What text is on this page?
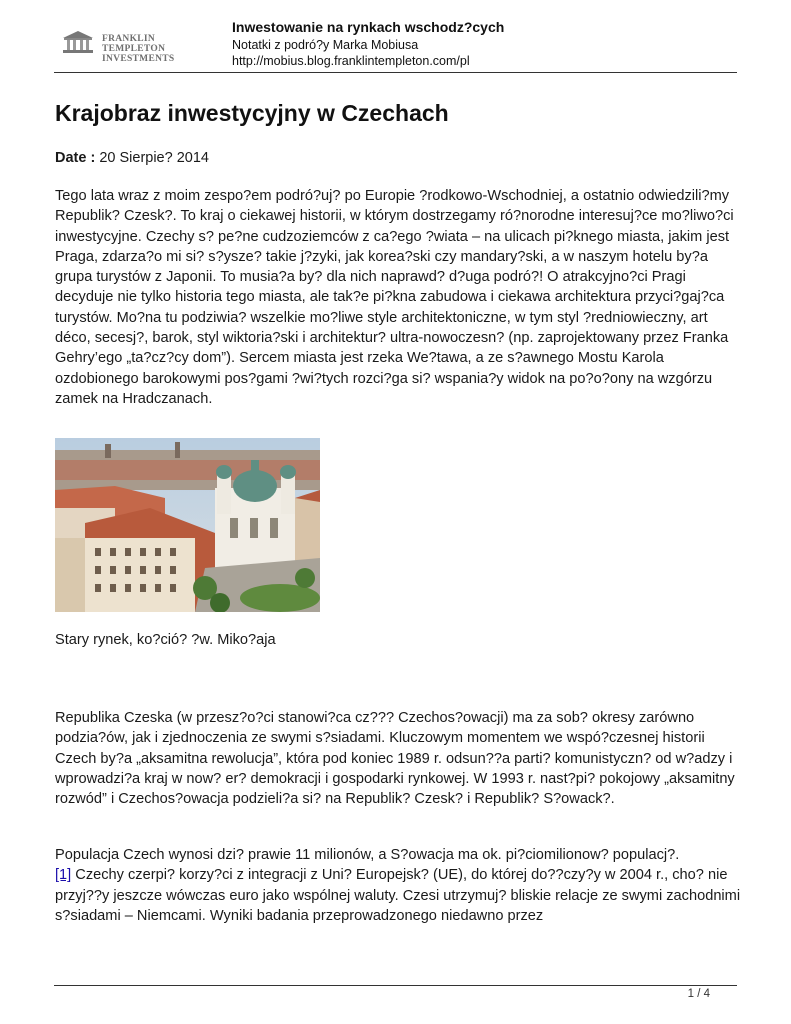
FRANKLIN TEMPLETON
INVESTMENTS
Inwestowanie na rynkach wschodz?cych
Notatki z podró?y Marka Mobiusa
http://mobius.blog.franklintempleton.com/pl
Krajobraz inwestycyjny w Czechach
Date : 20 Sierpie? 2014

Tego lata wraz z moim zespo?em podró?uj? po Europie ?rodkowo-Wschodniej, a ostatnio odwiedzili?my Republik? Czesk?. To kraj o ciekawej historii, w którym dostrzegamy ró?norodne interesuj?ce mo?liwo?ci inwestycyjne. Czechy s? pe?ne cudzoziemców z ca?ego ?wiata – na ulicach pi?knego miasta, jakim jest Praga, zdarza?o mi si? s?ysze? takie j?zyki, jak korea?ski czy mandary?ski, a w naszym hotelu by?a grupa turystów z Japonii. To musia?a by? dla nich naprawd? d?uga podró?! O atrakcyjno?ci Pragi decyduje nie tylko historia tego miasta, ale tak?e pi?kna zabudowa i ciekawa architektura przyci?gaj?ca turystów. Mo?na tu podziwia? wszelkie mo?liwe style architektoniczne, w tym styl ?redniowieczny, art déco, secesj?, barok, styl wiktoria?ski i architektur? ultra-nowoczesn? (np. zaprojektowany przez Franka Gehry’ego „ta?cz?cy dom”). Sercem miasta jest rzeka We?tawa, a ze s?awnego Mostu Karola ozdobionego barokowymi pos?gami ?wi?tych rozci?ga si? wspania?y widok na po?o?ony na wzgórzu zamek na Hradczanach.

Stary rynek, ko?ció? ?w. Miko?aja

Republika Czeska (w przesz?o?ci stanowi?ca cz??? Czechos?owacji) ma za sob? okresy zarówno podzia?ów, jak i zjednoczenia ze swymi s?siadami. Kluczowym momentem we wspó?czesnej historii Czech by?a „aksamitna rewolucja”, która pod koniec 1989 r. odsun??a parti? komunistyczn? od w?adzy i wprowadzi?a kraj w now? er? demokracji i gospodarki rynkowej. W 1993 r. nast?pi? pokojowy „aksamitny rozwód” i Czechos?owacja podzieli?a si? na Republik? Czesk? i Republik? S?owack?.

Populacja Czech wynosi dzi? prawie 11 milionów, a S?owacja ma ok. pi?ciomilionow? populacj?.
[1] Czechy czerpi? korzy?ci z integracji z Uni? Europejsk? (UE), do której do??czy?y w 2004 r., cho? nie przyj??y jeszcze wówczas euro jako wspólnej waluty. Czesi utrzymuj? bliskie relacje ze swymi zachodnimi s?siadami – Niemcami. Wyniki badania przeprowadzonego niedawno przez

1 / 4
